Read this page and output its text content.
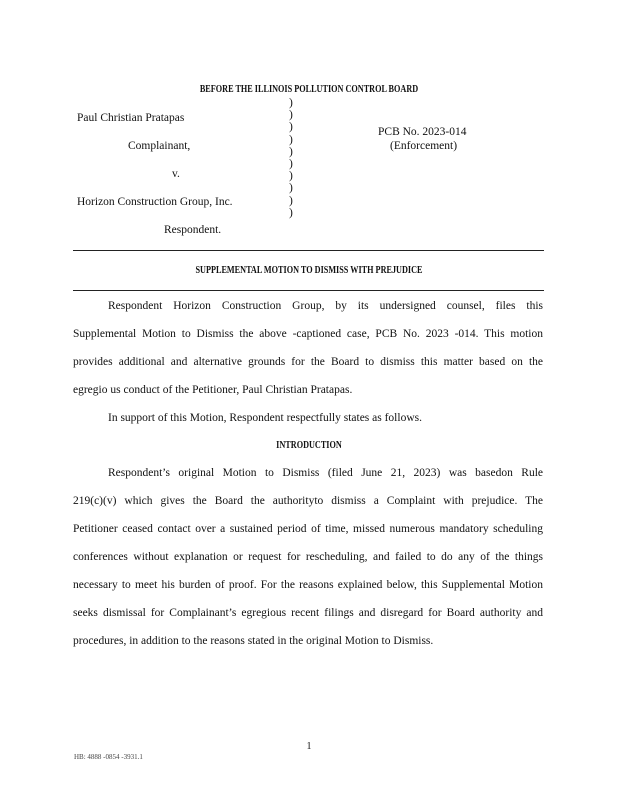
BEFORE THE ILLINOIS POLLUTION CONTROL BOARD
Paul Christian Pratapas
Complainant,
v.
Horizon Construction Group, Inc.
Respondent.
)
)
)
)
)
)
)
)
)
)
PCB No. 2023-014
(Enforcement)
SUPPLEMENTAL MOTION TO DISMISS WITH PREJUDICE
Respondent Horizon Construction Group, by its undersigned counsel, files this
Supplemental Motion to Dismiss the above -captioned case, PCB No. 2023 -014. This motion
provides additional and alternative grounds for the Board to dismiss this matter based on the
egregio us conduct of the Petitioner, Paul Christian Pratapas.
In support of this Motion, Respondent respectfully states as follows.
INTRODUCTION
Respondent’s original Motion to Dismiss (filed June 21, 2023) was basedon Rule
219(c)(v) which gives the Board the authorityto dismiss a Complaint with prejudice. The
Petitioner ceased contact over a sustained period of time, missed numerous mandatory scheduling
conferences without explanation or request for rescheduling, and failed to do any of the things
necessary to meet his burden of proof. For the reasons explained below, this Supplemental Motion
seeks dismissal for Complainant’s egregious recent filings and disregard for Board authority and
procedures, in addition to the reasons stated in the original Motion to Dismiss.
1
HB: 4888 -0854 -3931.1
